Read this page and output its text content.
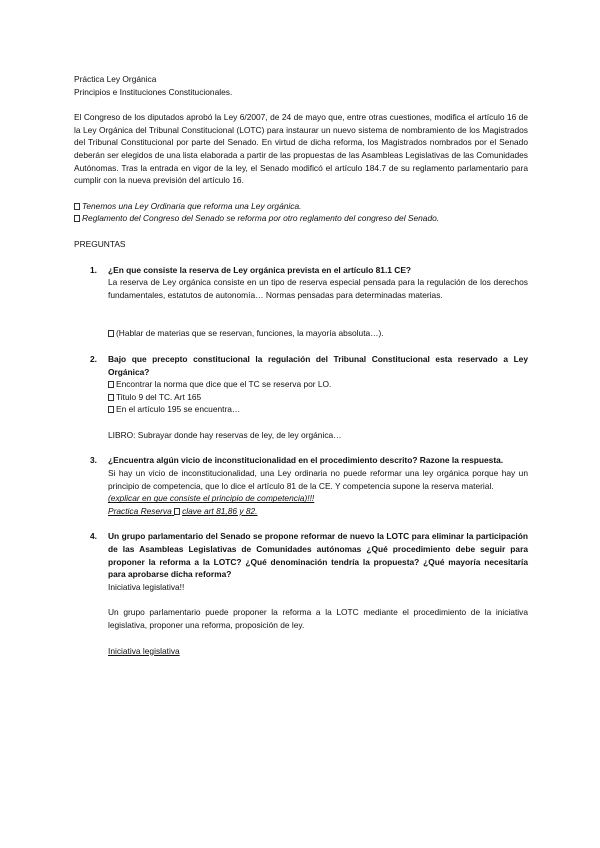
Práctica Ley Orgánica

Principios e Instituciones Constitucionales.

El Congreso de los diputados aprobó la Ley 6/2007, de 24 de mayo que, entre otras cuestiones, modifica el artículo 16 de la Ley Orgánica del Tribunal Constitucional (LOTC) para instaurar un nuevo sistema de nombramiento de los Magistrados del Tribunal Constitucional por parte del Senado. En virtud de dicha reforma, los Magistrados nombrados por el Senado deberán ser elegidos de una lista elaborada a partir de las propuestas de las Asambleas Legislativas de las Comunidades Autónomas. Tras la entrada en vigor de la ley, el Senado modificó el artículo 184.7 de su reglamento parlamentario para cumplir con la nueva previsión del artículo 16.

Tenemos una Ley Ordinaria que reforma una Ley orgánica.

Reglamento del Congreso del Senado se reforma por otro reglamento del congreso del Senado.

PREGUNTAS

1. ¿En que consiste la reserva de Ley orgánica prevista en el artículo 81.1 CE?

La reserva de Ley orgánica consiste en un tipo de reserva especial pensada para la regulación de los derechos fundamentales, estatutos de autonomía… Normas pensadas para determinadas materias.

(Hablar de materias que se reservan, funciones, la mayoría absoluta…).

2. Bajo que precepto constitucional la regulación del Tribunal Constitucional esta reservado a Ley Orgánica?

Encontrar la norma que dice que el TC se reserva por LO.

Titulo 9 del TC. Art 165

En el artículo 195 se encuentra…

LIBRO: Subrayar donde hay reservas de ley, de ley orgánica…

3. ¿Encuentra algún vicio de inconstitucionalidad en el procedimiento descrito? Razone la respuesta.

Si hay un vicio de inconstitucionalidad, una Ley ordinaria no puede reformar una ley orgánica porque hay un principio de competencia, que lo dice el artículo 81 de la CE. Y competencia supone la reserva material.

(explicar en que consiste el principio de competencia)!!!

Practica Reserva clave art 81,86 y 82.

4. Un grupo parlamentario del Senado se propone reformar de nuevo la LOTC para eliminar la participación de las Asambleas Legislativas de Comunidades autónomas ¿Qué procedimiento debe seguir para proponer la reforma a la LOTC? ¿Qué denominación tendría la propuesta? ¿Qué mayoría necesitaría para aprobarse dicha reforma?

Iniciativa legislativa!!

Un grupo parlamentario puede proponer la reforma a la LOTC mediante el procedimiento de la iniciativa legislativa, proponer una reforma, proposición de ley.

Iniciativa legislativa
